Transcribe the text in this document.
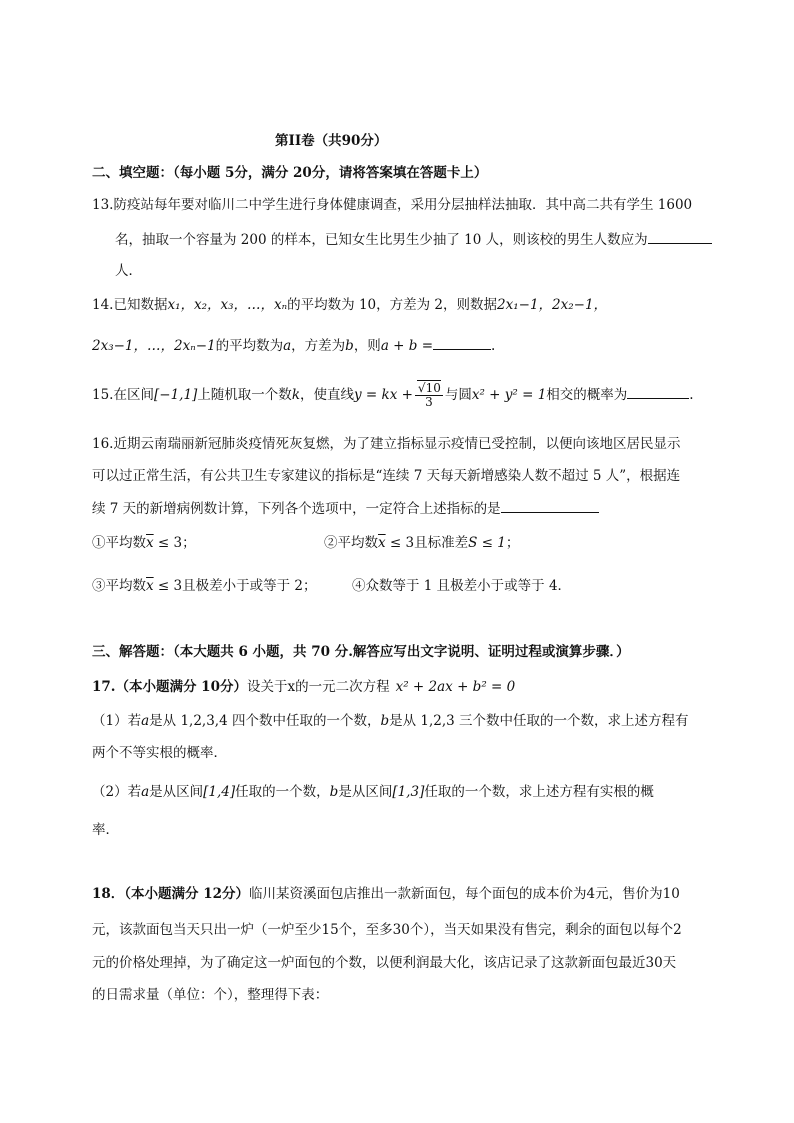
第II卷（共90分）
二、填空题：（每小题 5分，满分 20分，请将答案填在答题卡上）
13.防疫站每年要对临川二中学生进行身体健康调查，采用分层抽样法抽取．其中高二共有学生 1600
名，抽取一个容量为 200 的样本，已知女生比男生少抽了 10 人，则该校的男生人数应为
人．
14.已知数据x₁，x₂，x₃，…，xₙ的平均数为 10，方差为 2，则数据2x₁−1，2x₂−1，
2x₃−1，…，2xₙ−1的平均数为a，方差为b，则a + b =	.
15.在区间[−1,1]上随机取一个数k，使直线y = kx + $\frac{√10}{3}$ 与圆x² + y² = 1相交的概率为	.
16.近期云南瑞丽新冠肺炎疫情死灰复燃，为了建立指标显示疫情已受控制，以便向该地区居民显示
可以过正常生活，有公共卫生专家建议的指标是“连续 7 天每天新增感染人数不超过 5 人”，根据连
续 7 天的新增病例数计算，下列各个选项中，一定符合上述指标的是
①平均数$\overline{x} \le 3$；	②平均数$\overline{x} \le 3$且标准差S ≤ 1；
③平均数$\overline{x} \le 3$且极差小于或等于 2；	④众数等于 1 且极差小于或等于 4．
三、解答题：（本大题共 6 小题，共 70 分.解答应写出文字说明、证明过程或演算步骤．）
17.（本小题满分 10分）设关于x的一元二次方程 x² + 2ax + b² = 0
（1）若a是从 1,2,3,4 四个数中任取的一个数，b是从 1,2,3 三个数中任取的一个数，求上述方程有
两个不等实根的概率．
（2）若a是从区间[1,4]任取的一个数，b是从区间[1,3]任取的一个数，求上述方程有实根的概
率．
18．（本小题满分 12分）临川某资溪面包店推出一款新面包，每个面包的成本价为4元，售价为10
元，该款面包当天只出一炉（一炉至少15个，至多30个），当天如果没有售完，剩余的面包以每个2
元的价格处理掉，为了确定这一炉面包的个数，以便利润最大化，该店记录了这款新面包最近30天
的日需求量（单位：个），整理得下表：
